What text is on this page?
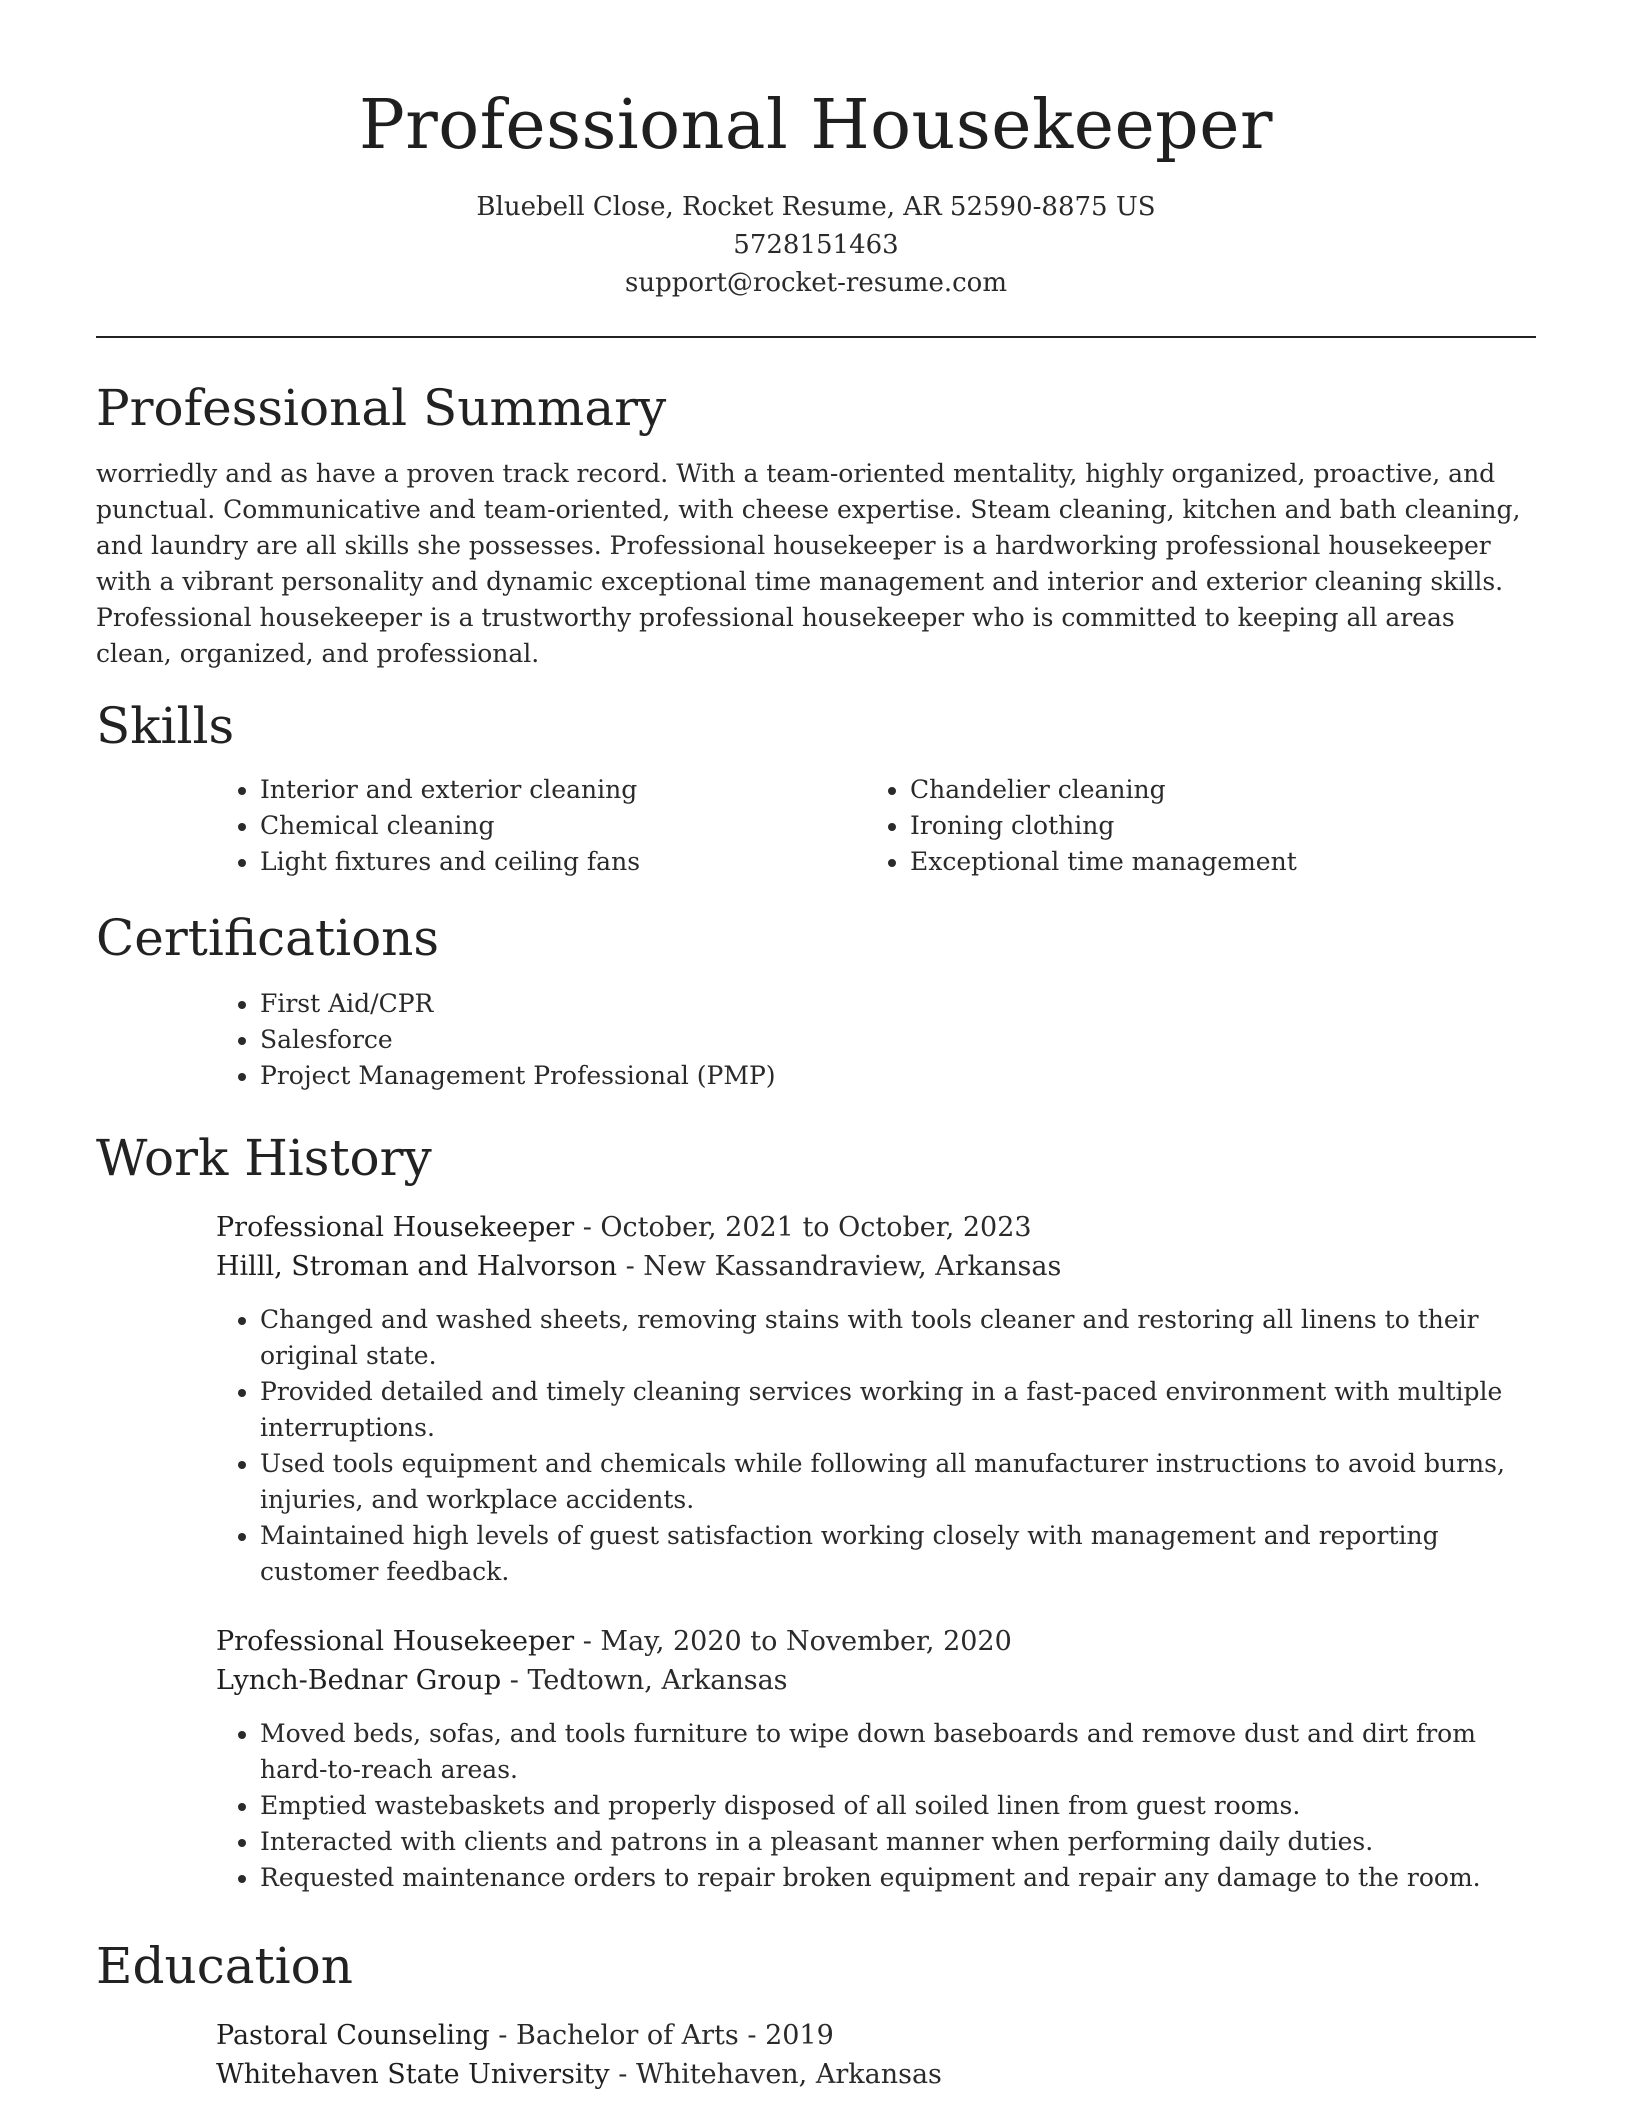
Professional Housekeeper
Bluebell Close, Rocket Resume, AR 52590-8875 US
5728151463
support@rocket-resume.com
Professional Summary

worriedly and as have a proven track record. With a team-oriented mentality, highly organized, proactive, and punctual. Communicative and team-oriented, with cheese expertise. Steam cleaning, kitchen and bath cleaning, and laundry are all skills she possesses. Professional housekeeper is a hardworking professional housekeeper with a vibrant personality and dynamic exceptional time management and interior and exterior cleaning skills. Professional housekeeper is a trustworthy professional housekeeper who is committed to keeping all areas clean, organized, and professional.

Skills
• Interior and exterior cleaning
• Chemical cleaning
• Light fixtures and ceiling fans
• Chandelier cleaning
• Ironing clothing
• Exceptional time management
Certifications
• First Aid/CPR
• Salesforce
• Project Management Professional (PMP)
Work History
Professional Housekeeper - October, 2021 to October, 2023
Hilll, Stroman and Halvorson - New Kassandraview, Arkansas
• Changed and washed sheets, removing stains with tools cleaner and restoring all linens to their original state.
• Provided detailed and timely cleaning services working in a fast-paced environment with multiple interruptions.
• Used tools equipment and chemicals while following all manufacturer instructions to avoid burns, injuries, and workplace accidents.
• Maintained high levels of guest satisfaction working closely with management and reporting customer feedback.
Professional Housekeeper - May, 2020 to November, 2020
Lynch-Bednar Group - Tedtown, Arkansas
• Moved beds, sofas, and tools furniture to wipe down baseboards and remove dust and dirt from hard-to-reach areas.
• Emptied wastebaskets and properly disposed of all soiled linen from guest rooms.
• Interacted with clients and patrons in a pleasant manner when performing daily duties.
• Requested maintenance orders to repair broken equipment and repair any damage to the room.
Education
Pastoral Counseling - Bachelor of Arts - 2019
Whitehaven State University - Whitehaven, Arkansas
